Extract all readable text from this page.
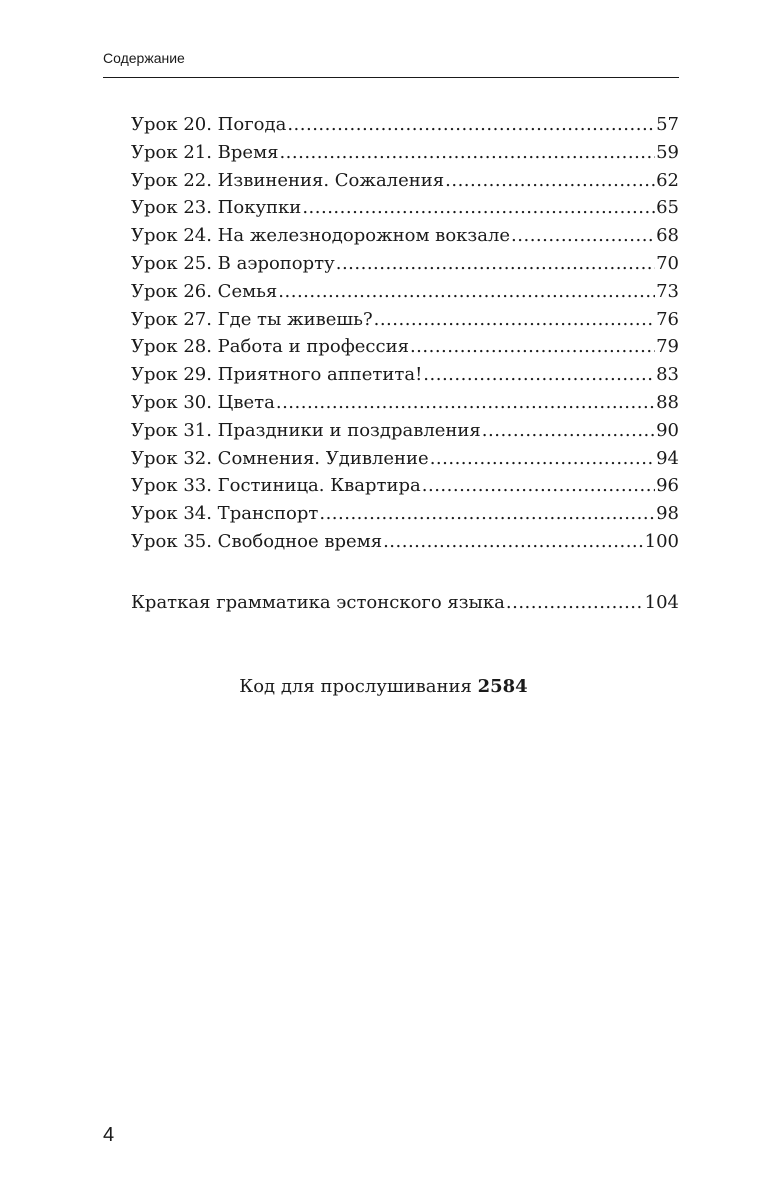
Содержание
Урок 20. Погода .....	57
Урок 21. Время .....	59
Урок 22. Извинения. Сожаления .....	62
Урок 23. Покупки .....	65
Урок 24. На железнодорожном вокзале .....	68
Урок 25. В аэропорту .....	70
Урок 26. Семья .....	73
Урок 27. Где ты живешь? .....	76
Урок 28. Работа и профессия .....	79
Урок 29. Приятного аппетита! .....	83
Урок 30. Цвета .....	88
Урок 31. Праздники и поздравления .....	90
Урок 32. Сомнения. Удивление .....	94
Урок 33. Гостиница. Квартира .....	96
Урок 34. Транспорт .....	98
Урок 35. Свободное время .....	100
Краткая грамматика эстонского языка .....	104
Код для прослушивания 2584
4
